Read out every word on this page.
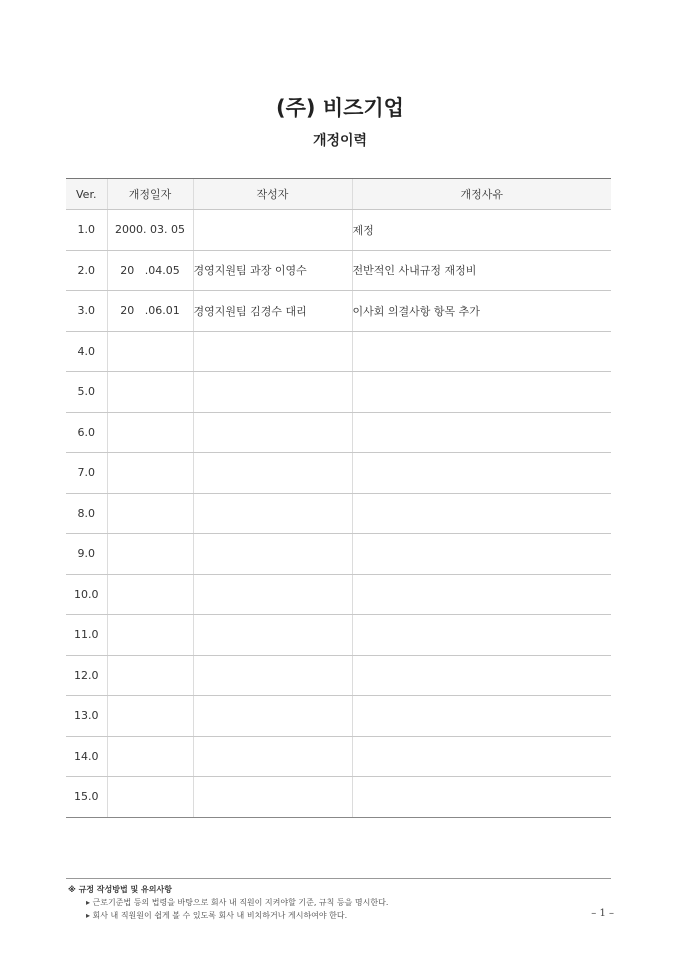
(주) 비즈기업
개정이력
Ver.	개정일자	작성자	개정사유
1.0	2000. 03. 05		제정
2.0	20   .04.05	경영지원팀 과장 이영수	전반적인 사내규정 재정비
3.0	20   .06.01	경영지원팀 김경수 대리	이사회 의결사항 항목 추가
4.0			
5.0			
6.0			
7.0			
8.0			
9.0			
10.0			
11.0			
12.0			
13.0			
14.0			
15.0			
※ 규정 작성방법 및 유의사항
▸ 근로기준법 등의 법령을 바탕으로 회사 내 직원이 지켜야할 기준, 규칙 등을 명시한다.
▸ 회사 내 직원원이 쉽게 볼 수 있도록 회사 내 비치하거나 게시하여야 한다.	– 1 –
